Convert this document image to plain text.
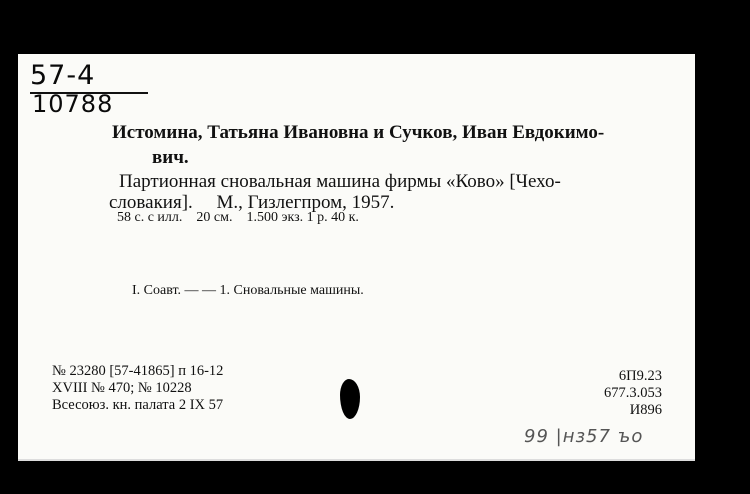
57-4
10788
Истомина, Татьяна Ивановна и Сучков, Иван Евдокимо-
вич.
Партионная сновальная машина фирмы «Ково» [Чехо-
словакия].     М., Гизлегпром, 1957.
58 с. с илл.    20 см.    1.500 экз. 1 р. 40 к.
I. Соавт. — — 1. Сновальные машины.
№ 23280 [57-41865] п 16-12
XVIII № 470; № 10228
Всесоюз. кн. палата 2 IX 57
6П9.23
677.3.053
И896
99 |нз57 ъо
